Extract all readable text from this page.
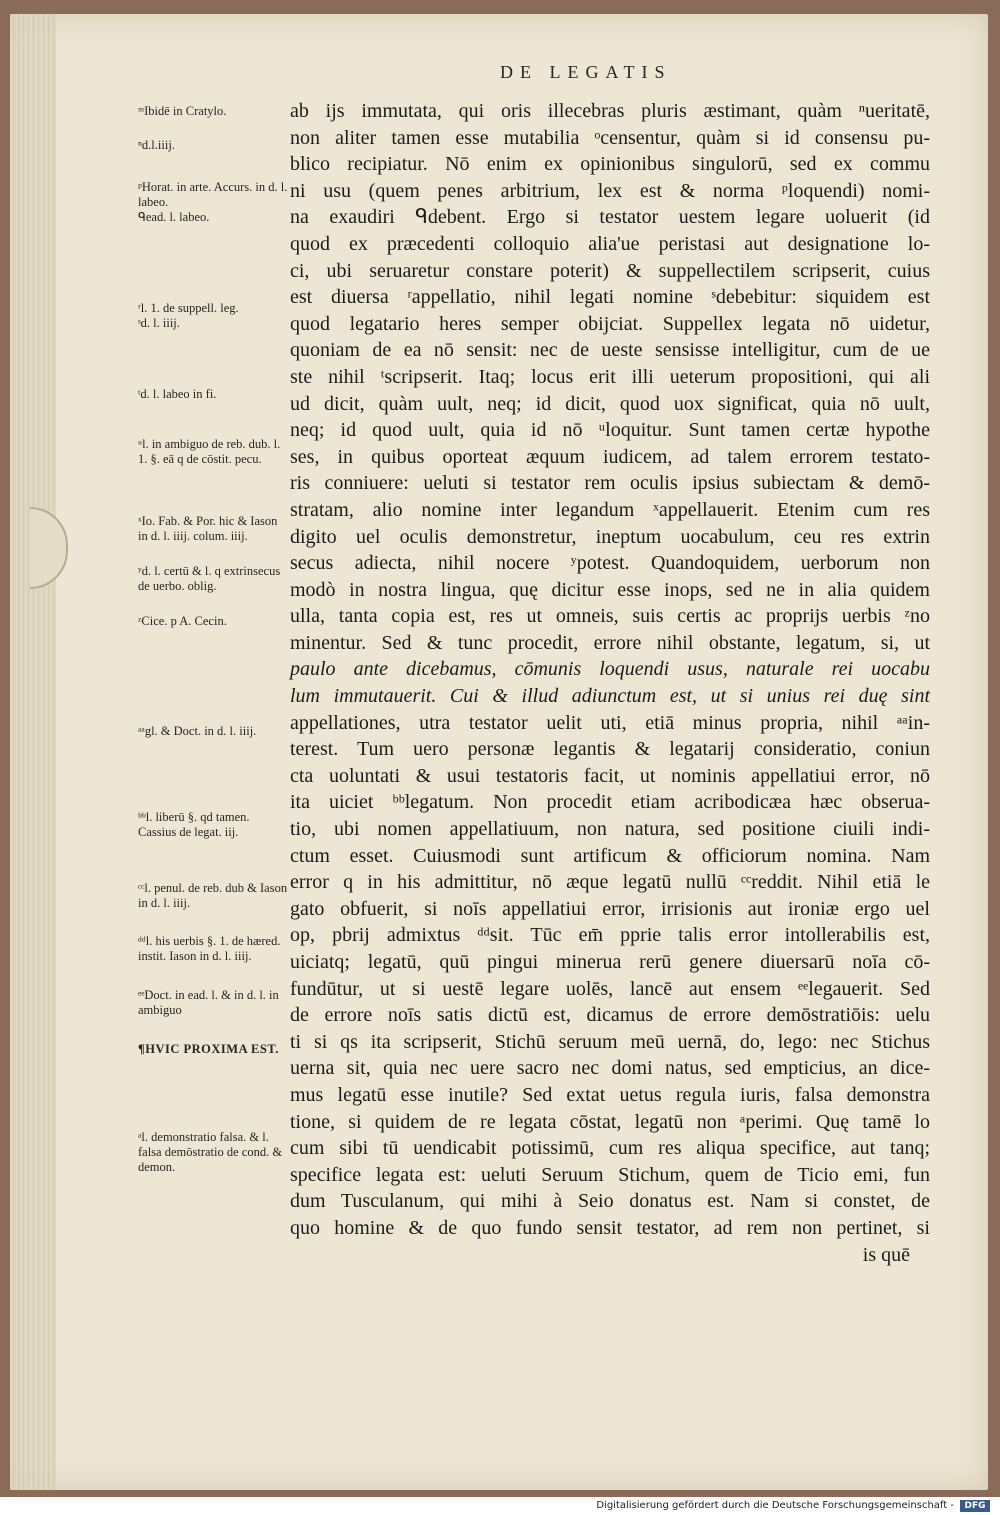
DE LEGATIS
ᵐIbidē in Cratylo.
ⁿd.l.iiij.
ᵖHorat. in arte. Accurs. in d. l. labeo.
ᑫead. l. labeo.
ʳl. 1. de suppell. leg.
ˢd. l. iiij.
ᵗd. l. labeo in fi.
ᵘl. in ambiguo de reb. dub. l. 1. §. eā q de cōstit. pecu.
ˣIo. Fab. & Por. hic & Iason in d. l. iiij. colum. iiij.
ʸd. l. certū & l. q extrinsecus de uerbo. oblig.
ᶻCice. p A. Cecin.
ᵃᵃgl. & Doct. in d. l. iiij.
ᵇᵇl. liberū §. qd tamen. Cassius de legat. iij.
ᶜᶜl. penul. de reb. dub & Iason in d. l. iiij.
ᵈᵈl. his uerbis §. 1. de hæred. instit. Iason in d. l. iiij.
ᵉᵉDoct. in ead. l. & in d. l. in ambiguo
¶HVIC PROXIMA EST.
ᵃl. demonstratio falsa. & l. falsa demōstratio de cond. & demon.
ab ijs immutata, qui oris illecebras pluris æstimant, quàm ⁿueritatē,
non aliter tamen esse mutabilia ᵒcensentur, quàm si id consensu pu-
blico recipiatur. Nō enim ex opinionibus singulorū, sed ex commu
ni usu (quem penes arbitrium, lex est & norma ᵖloquendi) nomi-
na exaudiri ᑫdebent. Ergo si testator uestem legare uoluerit (id
quod ex præcedenti colloquio alia'ue peristasi aut designatione lo-
ci, ubi seruaretur constare poterit) & suppellectilem scripserit, cuius
est diuersa ʳappellatio, nihil legati nomine ˢdebebitur: siquidem est
quod legatario heres semper obijciat. Suppellex legata nō uidetur,
quoniam de ea nō sensit: nec de ueste sensisse intelligitur, cum de ue
ste nihil ᵗscripserit. Itaq; locus erit illi ueterum propositioni, qui ali
ud dicit, quàm uult, neq; id dicit, quod uox significat, quia nō uult,
neq; id quod uult, quia id nō ᵘloquitur. Sunt tamen certæ hypothe
ses, in quibus oporteat æquum iudicem, ad talem errorem testato-
ris conniuere: ueluti si testator rem oculis ipsius subiectam & demō-
stratam, alio nomine inter legandum ˣappellauerit. Etenim cum res
digito uel oculis demonstretur, ineptum uocabulum, ceu res extrin
secus adiecta, nihil nocere ʸpotest. Quandoquidem, uerborum non
modò in nostra lingua, quę dicitur esse inops, sed ne in alia quidem
ulla, tanta copia est, res ut omneis, suis certis ac proprijs uerbis ᶻno
minentur. Sed & tunc procedit, errore nihil obstante, legatum, si, ut
paulo ante dicebamus, cōmunis loquendi usus, naturale rei uocabu
lum immutauerit. Cui & illud adiunctum est, ut si unius rei duę sint
appellationes, utra testator uelit uti, etiā minus propria, nihil ᵃᵃin-
terest. Tum uero personæ legantis & legatarij consideratio, coniun
cta uoluntati & usui testatoris facit, ut nominis appellatiui error, nō
ita uiciet ᵇᵇlegatum. Non procedit etiam acribodicæa hæc obserua-
tio, ubi nomen appellatiuum, non natura, sed positione ciuili indi-
ctum esset. Cuiusmodi sunt artificum & officiorum nomina. Nam
error q in his admittitur, nō æque legatū nullū ᶜᶜreddit. Nihil etiā le
gato obfuerit, si noīs appellatiui error, irrisionis aut ironiæ ergo uel
op, pbrij admixtus ᵈᵈsit. Tūc em̄ pprie talis error intollerabilis est,
uiciatq; legatū, quū pingui minerua rerū genere diuersarū noīa cō-
fundūtur, ut si uestē legare uolēs, lancē aut ensem ᵉᵉlegauerit. Sed
de errore noīs satis dictū est, dicamus de errore demōstratiōis: uelu
ti si qs ita scripserit, Stichū seruum meū uernā, do, lego: nec Stichus
uerna sit, quia nec uere sacro nec domi natus, sed empticius, an dice-
mus legatū esse inutile? Sed extat uetus regula iuris, falsa demonstra
tione, si quidem de re legata cōstat, legatū non ᵃperimi. Quę tamē lo
cum sibi tū uendicabit potissimū, cum res aliqua specifice, aut tanq;
specifice legata est: ueluti Seruum Stichum, quem de Ticio emi, fun
dum Tusculanum, qui mihi à Seio donatus est. Nam si constet, de
quo homine & de quo fundo sensit testator, ad rem non pertinet, si
is quē
Digitalisierung gefördert durch die Deutsche Forschungsgemeinschaft -	DFG
